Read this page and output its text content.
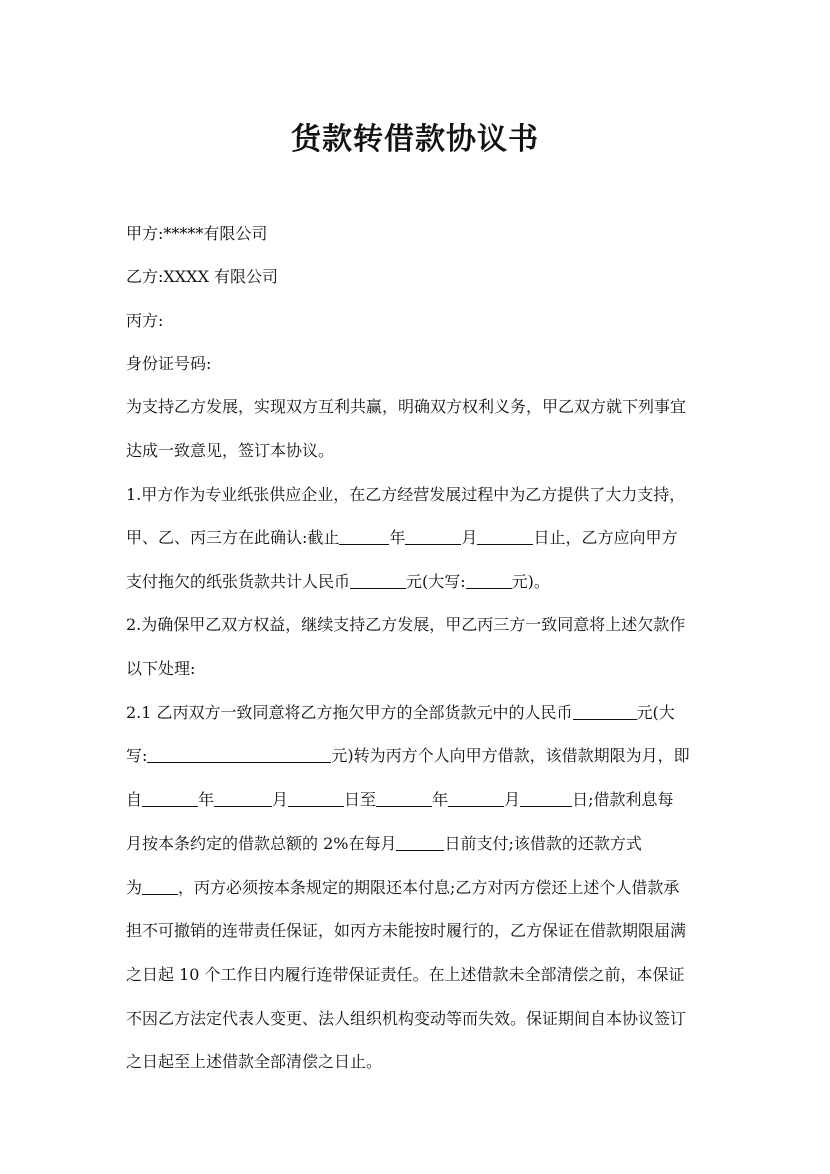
货款转借款协议书
甲方:*****有限公司
乙方:XXXX 有限公司
丙方:
身份证号码:
为支持乙方发展，实现双方互利共赢，明确双方权利义务，甲乙双方就下列事宜
达成一致意见，签订本协议。
1.甲方作为专业纸张供应企业，在乙方经营发展过程中为乙方提供了大力支持，
甲、乙、丙三方在此确认:截止	年	月	日止，乙方应向甲方
支付拖欠的纸张货款共计人民币	元(大写:	元)。
2.为确保甲乙双方权益，继续支持乙方发展，甲乙丙三方一致同意将上述欠款作
以下处理:
2.1 乙丙双方一致同意将乙方拖欠甲方的全部货款元中的人民币	元(大
写:	元)转为丙方个人向甲方借款，该借款期限为月，即
自	年	月	日至	年	月	日;借款利息每
月按本条约定的借款总额的 2%在每月	日前支付;该借款的还款方式
为 ，丙方必须按本条规定的期限还本付息;乙方对丙方偿还上述个人借款承
担不可撤销的连带责任保证，如丙方未能按时履行的，乙方保证在借款期限届满
之日起 10 个工作日内履行连带保证责任。在上述借款未全部清偿之前，本保证
不因乙方法定代表人变更、法人组织机构变动等而失效。保证期间自本协议签订
之日起至上述借款全部清偿之日止。
